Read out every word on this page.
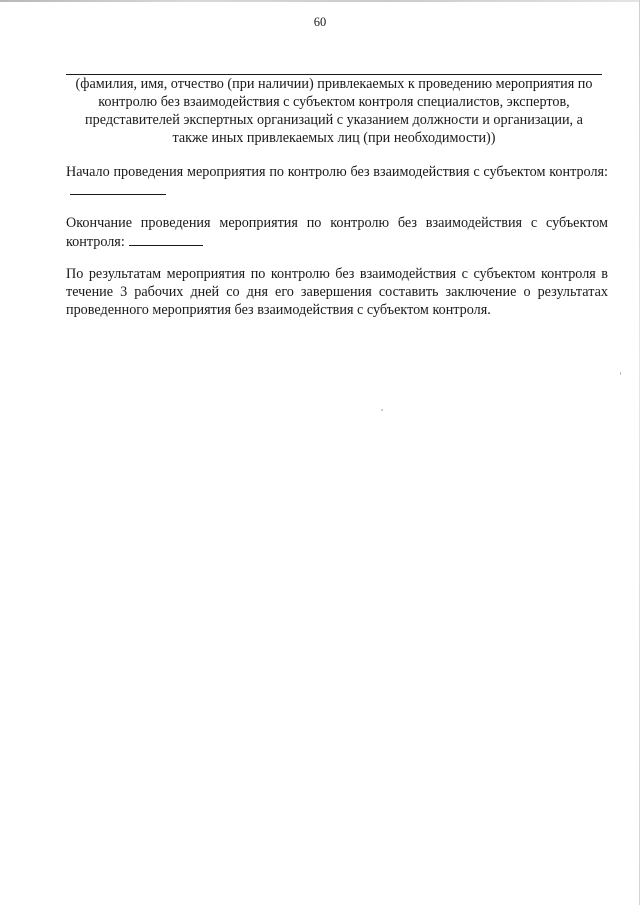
60
(фамилия, имя, отчество (при наличии) привлекаемых к проведению мероприятия по контролю без взаимодействия с субъектом контроля специалистов, экспертов, представителей экспертных организаций с указанием должности и организации, а также иных привлекаемых лиц (при необходимости))
Начало проведения мероприятия по контролю без взаимодействия с субъектом контроля:
Окончание проведения мероприятия по контролю без взаимодействия с субъектом контроля:
По результатам мероприятия по контролю без взаимодействия с субъектом контроля в течение 3 рабочих дней со дня его завершения составить заключение о результатах проведенного мероприятия без взаимодействия с субъектом контроля.
